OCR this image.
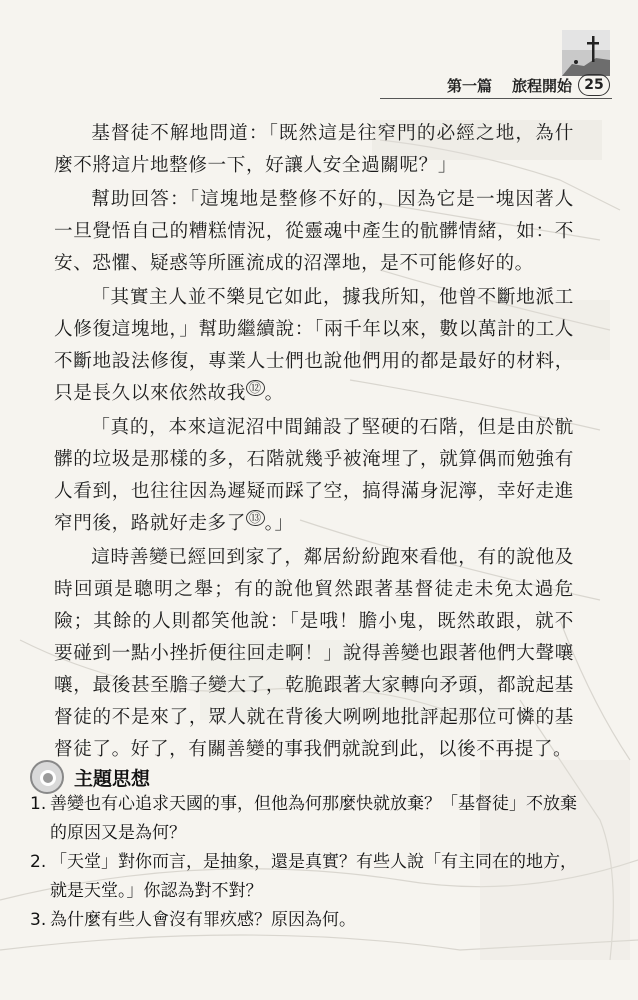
第一篇 旅程開始 25

基督徒不解地問道：「既然這是往窄門的必經之地，為什麼不將這片地整修一下，好讓人安全過關呢？」

幫助回答：「這塊地是整修不好的，因為它是一塊因著人一旦覺悟自己的糟糕情況，從靈魂中產生的骯髒情緒，如：不安、恐懼、疑惑等所匯流成的沼澤地，是不可能修好的。

「其實主人並不樂見它如此，據我所知，他曾不斷地派工人修復這塊地，」幫助繼續說：「兩千年以來，數以萬計的工人不斷地設法修復，專業人士們也說他們用的都是最好的材料，只是長久以來依然故我 ⑫ 。

「真的，本來這泥沼中間鋪設了堅硬的石階，但是由於骯髒的垃圾是那樣的多，石階就幾乎被淹埋了，就算偶而勉強有人看到，也往往因為遲疑而踩了空，搞得滿身泥濘，幸好走進窄門後，路就好走多了 ⑬ 。」

這時善變已經回到家了，鄰居紛紛跑來看他，有的說他及時回頭是聰明之舉；有的說他貿然跟著基督徒走未免太過危險；其餘的人則都笑他說：「是哦！膽小鬼，既然敢跟，就不要碰到一點小挫折便往回走啊！」說得善變也跟著他們大聲嚷嚷，最後甚至膽子變大了，乾脆跟著大家轉向矛頭，都說起基督徒的不是來了，眾人就在背後大咧咧地批評起那位可憐的基督徒了。好了，有關善變的事我們就說到此，以後不再提了。

主題思想
1. 善變也有心追求天國的事，但他為何那麼快就放棄？「基督徒」不放棄的原因又是為何？
2. 「天堂」對你而言，是抽象，還是真實？有些人說「有主同在的地方，就是天堂。」你認為對不對？
3. 為什麼有些人會沒有罪疚感？原因為何。
